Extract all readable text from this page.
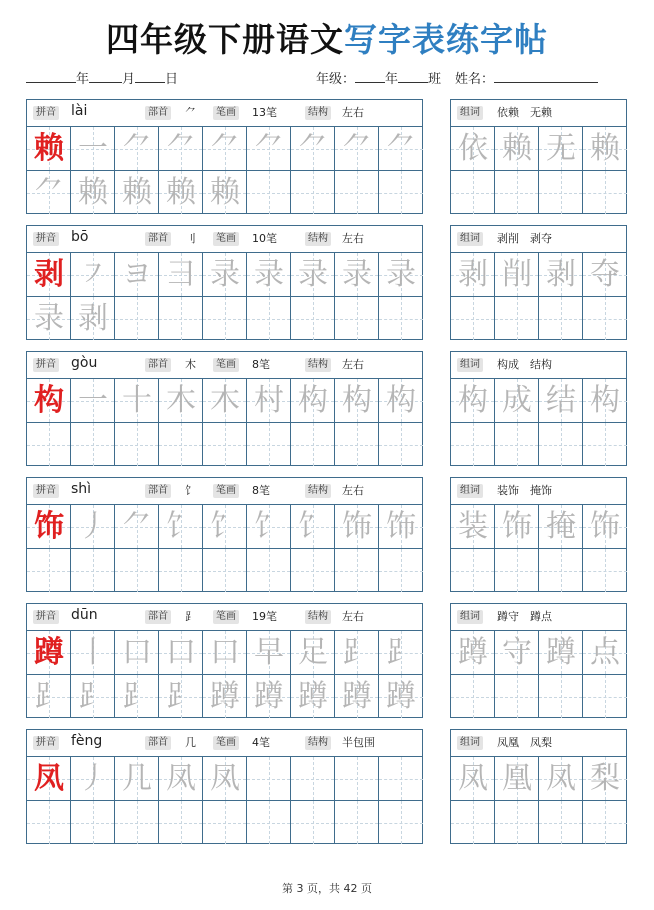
四年级下册语文写字表练字帖
年	月 日	年级： 年 班 姓名：
拼音 lài	部首 ⺈	笔画 13笔	结构 左右
赖 一 ⺈ ⺈ ⺈ ⺈ ⺈ ⺈ ⺈
⺈ 赖 赖 赖 赖
组词 依赖　无赖
依 赖 无 赖
拼音 bō	部首 刂	笔画 10笔	结构 左右
剥 ㇇ ヨ 彐 录 录 录 录 录
录 剥
组词 剥削　剥夺
剥 削 剥 夺
拼音 gòu	部首 木	笔画 8笔	结构 左右
构 一 十 木 木 村 构 构 构
组词 构成　结构
构 成 结 构
拼音 shì	部首 饣	笔画 8笔	结构 左右
饰 丿 ⺈ 饣 饣 饣 饣 饰 饰
组词 装饰　掩饰
装 饰 掩 饰
拼音 dūn	部首 ⻊	笔画 19笔	结构 左右
蹲 丨 口 口 口 早 足 ⻊ ⻊
⻊ ⻊ ⻊ ⻊ 蹲 蹲 蹲 蹲 蹲
组词 蹲守　蹲点
蹲 守 蹲 点
拼音 fèng	部首 几	笔画 4笔	结构 半包围
凤 丿 几 凤 凤
组词 凤凰　凤梨
凤 凰 凤 梨
第 3 页，共 42 页
